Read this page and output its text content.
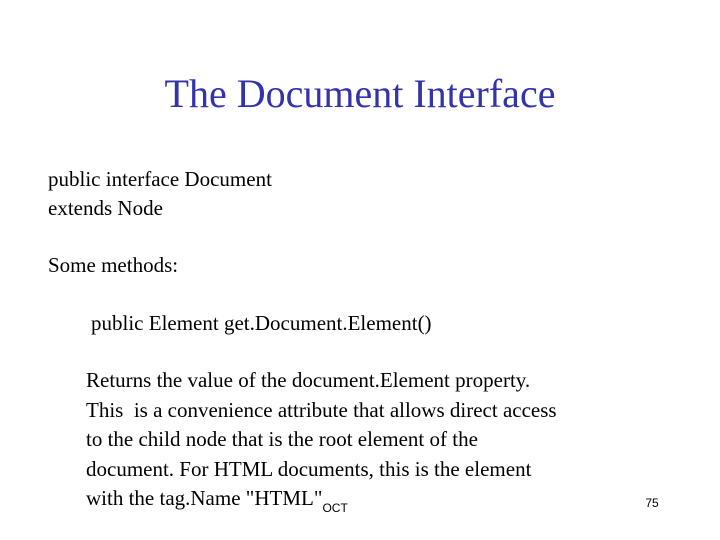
The Document Interface
public interface Document
extends Node
Some methods:
public Element get.Document.Element()
Returns the value of the document.Element property.
This  is a convenience attribute that allows direct access
to the child node that is the root element of the
document. For HTML documents, this is the element
with the tag.Name "$HTML"_{OCT}$	75
